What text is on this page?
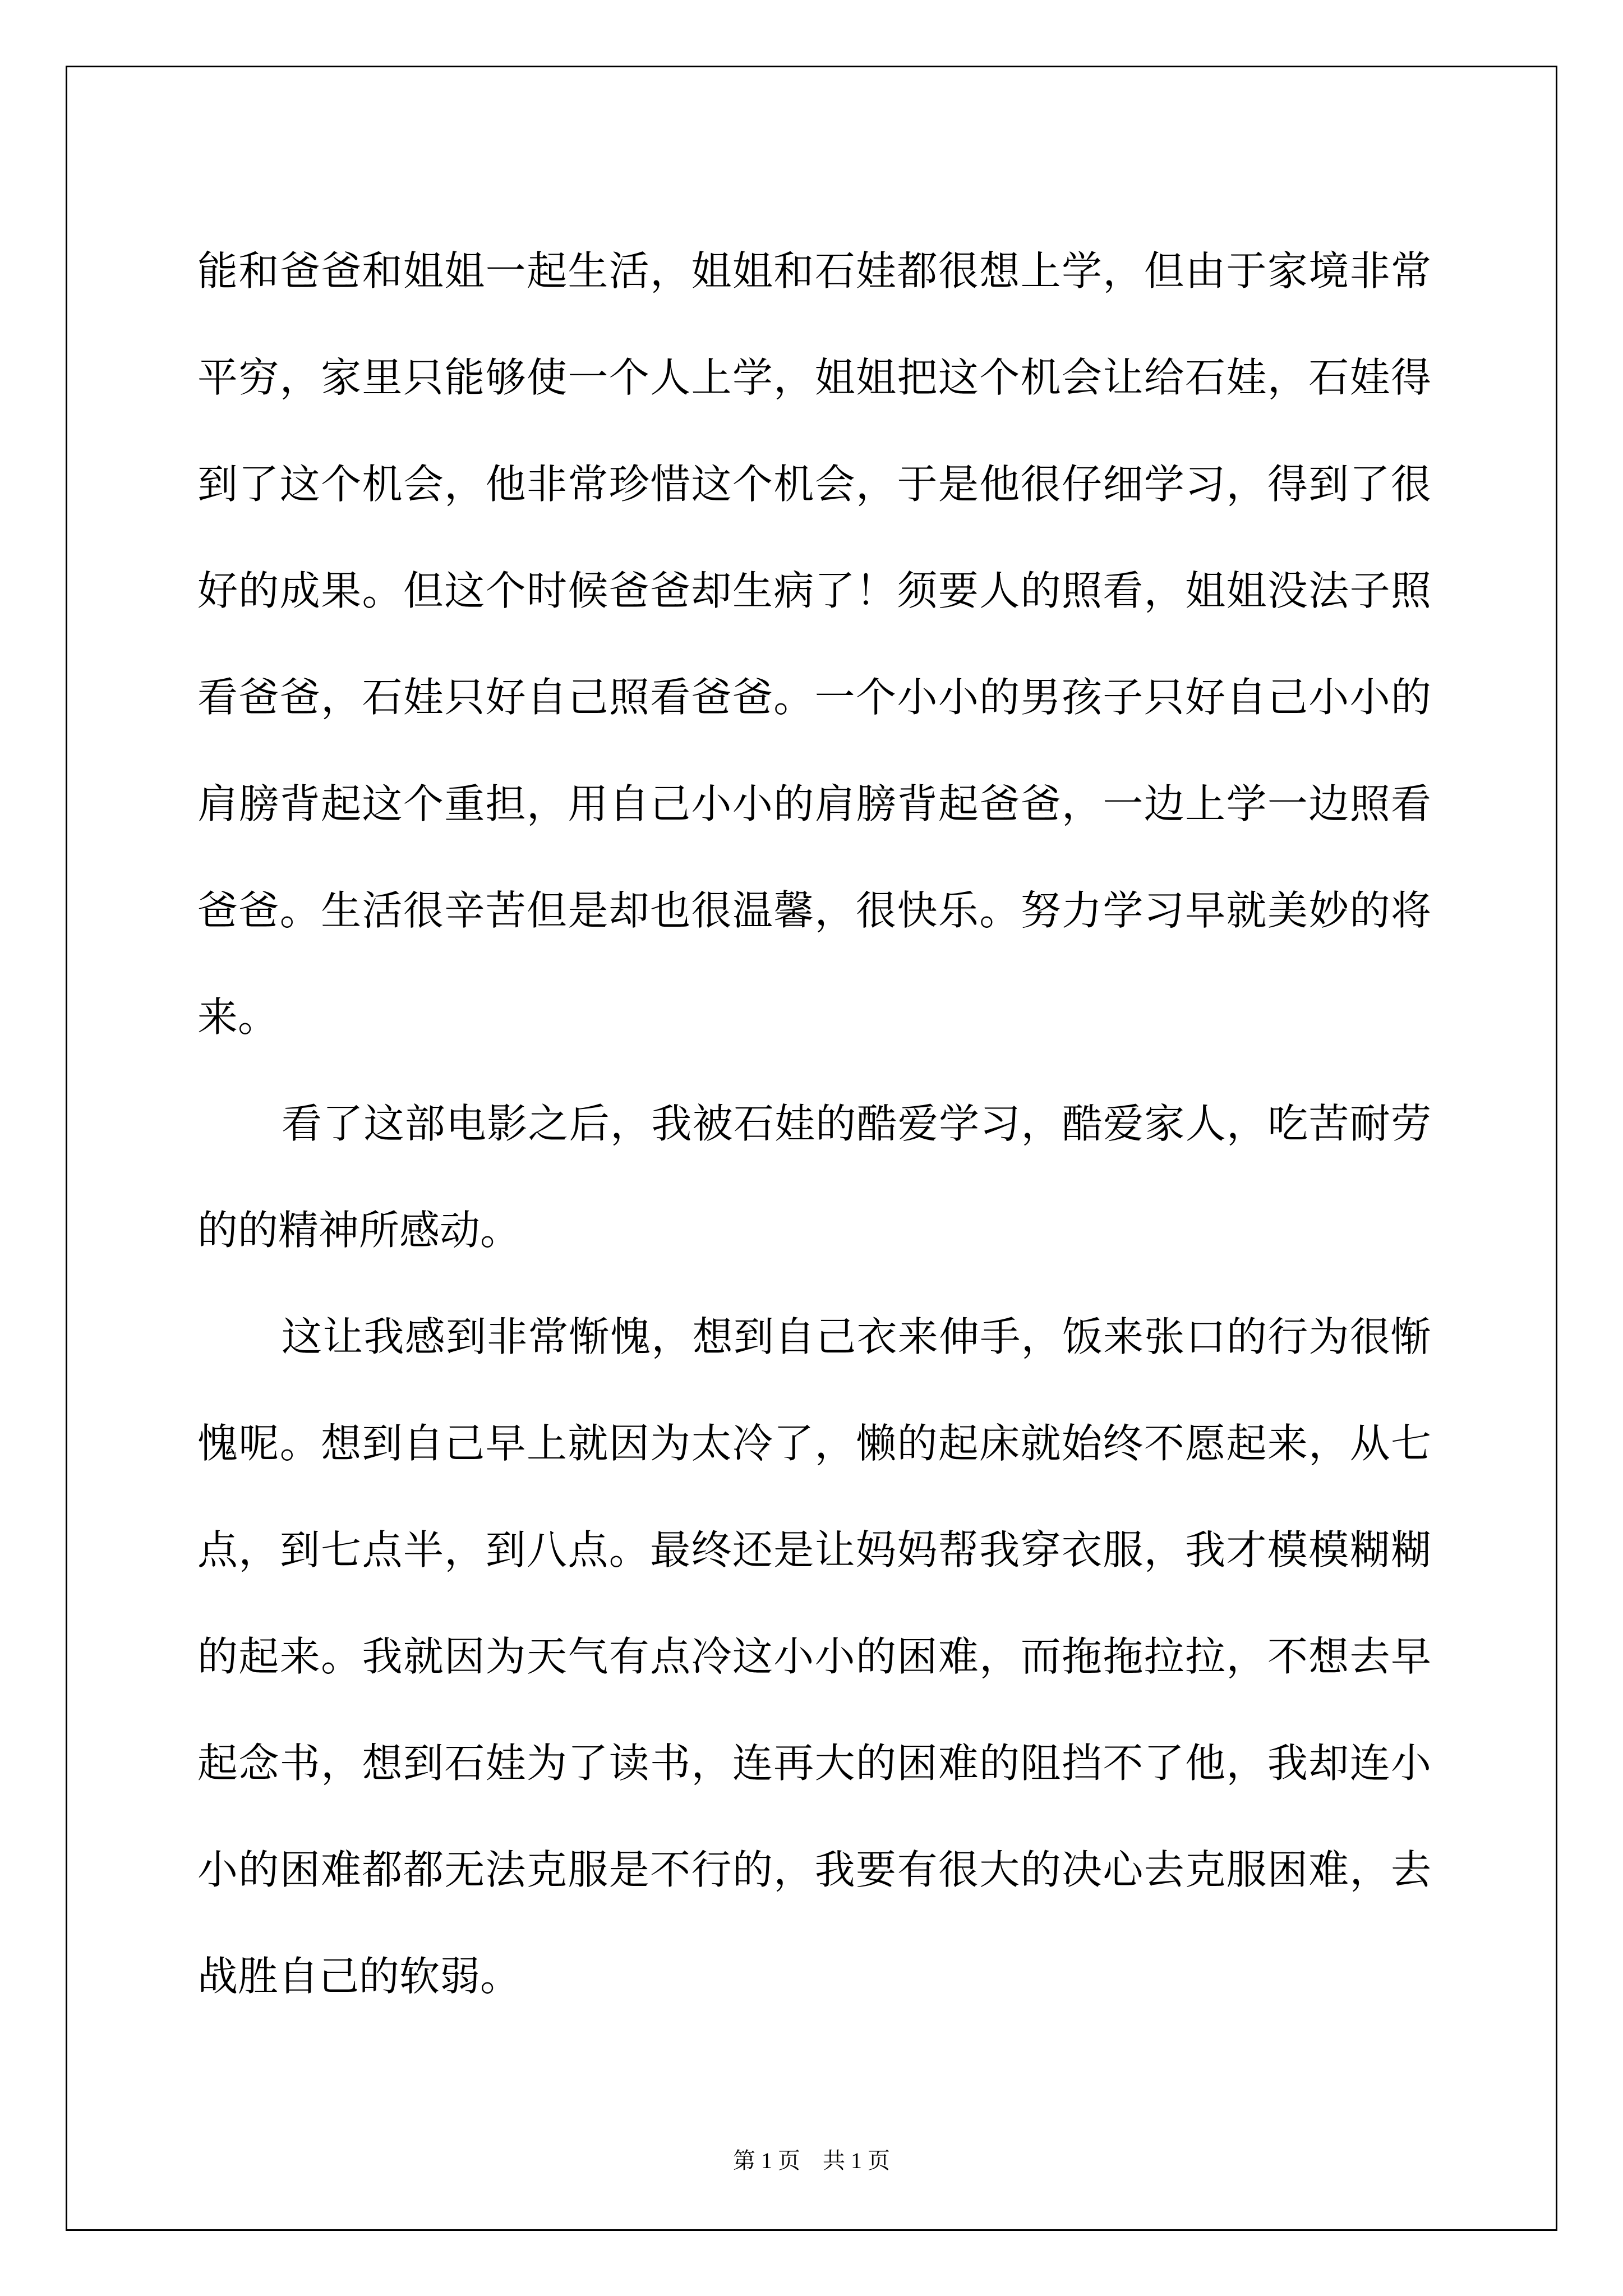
能和爸爸和姐姐一起生活，姐姐和石娃都很想上学，但由于家境非常
平穷，家里只能够使一个人上学，姐姐把这个机会让给石娃，石娃得
到了这个机会，他非常珍惜这个机会，于是他很仔细学习，得到了很
好的成果。但这个时候爸爸却生病了！须要人的照看，姐姐没法子照
看爸爸，石娃只好自己照看爸爸。一个小小的男孩子只好自己小小的
肩膀背起这个重担，用自己小小的肩膀背起爸爸，一边上学一边照看
爸爸。生活很辛苦但是却也很温馨，很快乐。努力学习早就美妙的将
来。
看了这部电影之后，我被石娃的酷爱学习，酷爱家人，吃苦耐劳
的的精神所感动。
这让我感到非常惭愧，想到自己衣来伸手，饭来张口的行为很惭
愧呢。想到自己早上就因为太冷了，懒的起床就始终不愿起来，从七
点，到七点半，到八点。最终还是让妈妈帮我穿衣服，我才模模糊糊
的起来。我就因为天气有点冷这小小的困难，而拖拖拉拉，不想去早
起念书，想到石娃为了读书，连再大的困难的阻挡不了他，我却连小
小的困难都都无法克服是不行的，我要有很大的决心去克服困难，去
战胜自己的软弱。
第 1 页 共 1 页
